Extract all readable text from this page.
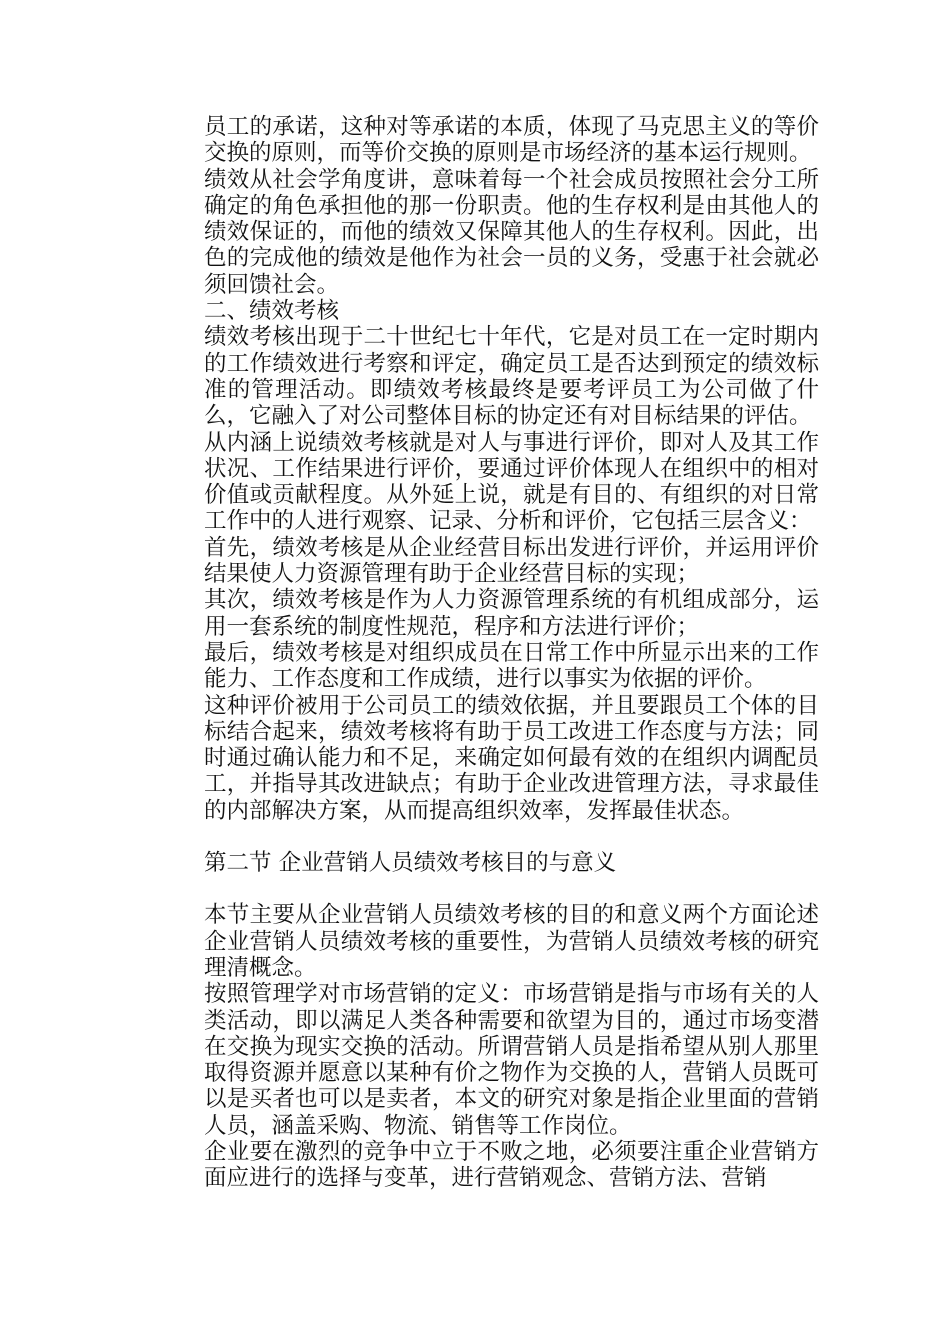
员工的承诺，这种对等承诺的本质，体现了马克思主义的等价交换的原则，而等价交换的原则是市场经济的基本运行规则。

绩效从社会学角度讲，意味着每一个社会成员按照社会分工所确定的角色承担他的那一份职责。他的生存权利是由其他人的绩效保证的，而他的绩效又保障其他人的生存权利。因此，出色的完成他的绩效是他作为社会一员的义务，受惠于社会就必须回馈社会。

二、绩效考核

绩效考核出现于二十世纪七十年代，它是对员工在一定时期内的工作绩效进行考察和评定，确定员工是否达到预定的绩效标准的管理活动。即绩效考核最终是要考评员工为公司做了什么，它融入了对公司整体目标的协定还有对目标结果的评估。

从内涵上说绩效考核就是对人与事进行评价，即对人及其工作状况、工作结果进行评价，要通过评价体现人在组织中的相对价值或贡献程度。从外延上说，就是有目的、有组织的对日常工作中的人进行观察、记录、分析和评价，它包括三层含义：

首先，绩效考核是从企业经营目标出发进行评价，并运用评价结果使人力资源管理有助于企业经营目标的实现；

其次，绩效考核是作为人力资源管理系统的有机组成部分，运用一套系统的制度性规范，程序和方法进行评价；

最后，绩效考核是对组织成员在日常工作中所显示出来的工作能力、工作态度和工作成绩，进行以事实为依据的评价。

这种评价被用于公司员工的绩效依据，并且要跟员工个体的目标结合起来，绩效考核将有助于员工改进工作态度与方法；同时通过确认能力和不足，来确定如何最有效的在组织内调配员工，并指导其改进缺点；有助于企业改进管理方法，寻求最佳的内部解决方案，从而提高组织效率，发挥最佳状态。

第二节 企业营销人员绩效考核目的与意义

本节主要从企业营销人员绩效考核的目的和意义两个方面论述企业营销人员绩效考核的重要性，为营销人员绩效考核的研究理清概念。

按照管理学对市场营销的定义：市场营销是指与市场有关的人类活动，即以满足人类各种需要和欲望为目的，通过市场变潜在交换为现实交换的活动。所谓营销人员是指希望从别人那里取得资源并愿意以某种有价之物作为交换的人，营销人员既可以是买者也可以是卖者，本文的研究对象是指企业里面的营销人员，涵盖采购、物流、销售等工作岗位。

企业要在激烈的竞争中立于不败之地，必须要注重企业营销方面应进行的选择与变革，进行营销观念、营销方法、营销
